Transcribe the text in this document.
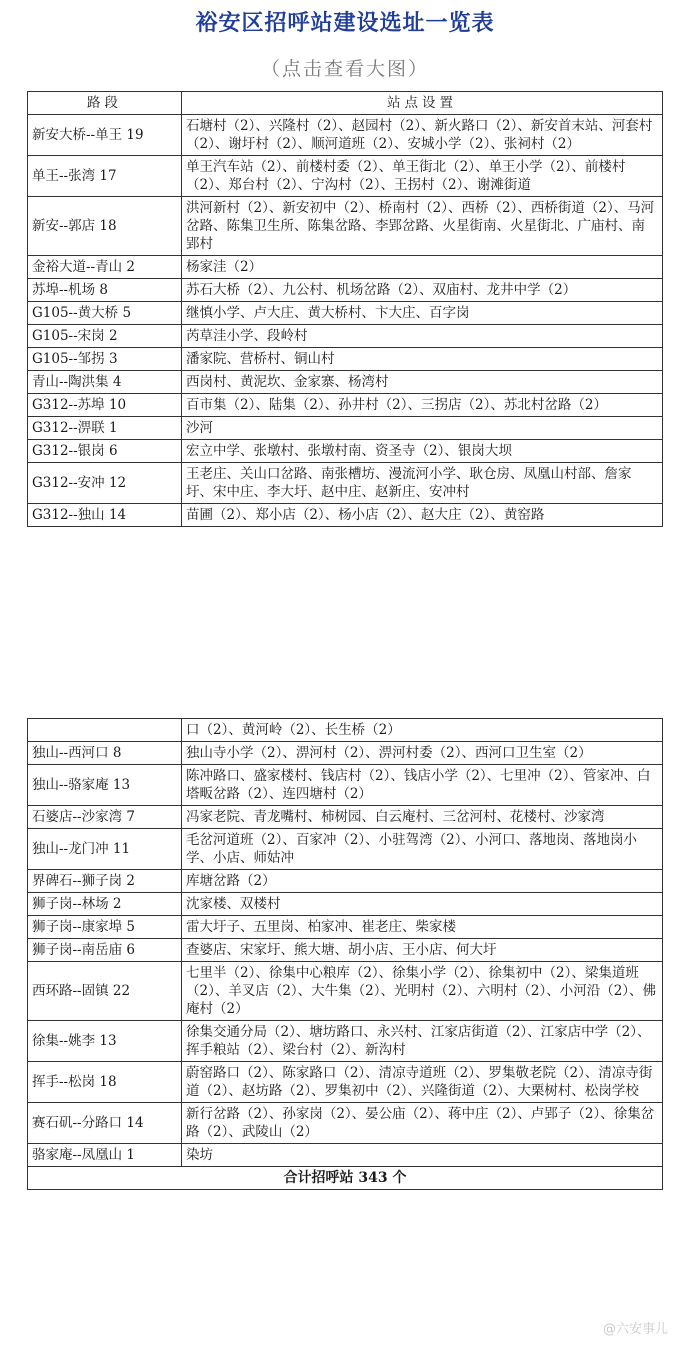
裕安区招呼站建设选址一览表
（点击查看大图）
路段	站点设置
新安大桥--单王 19	石塘村（2）、兴隆村（2）、赵园村（2）、新火路口（2）、新安首末站、河套村（2）、谢圩村（2）、顺河道班（2）、安城小学（2）、张祠村（2）
单王--张湾 17	单王汽车站（2）、前楼村委（2）、单王街北（2）、单王小学（2）、前楼村（2）、郑台村（2）、宁沟村（2）、王拐村（2）、谢滩街道
新安--郭店 18	洪河新村（2）、新安初中（2）、桥南村（2）、西桥（2）、西桥街道（2）、马河岔路、陈集卫生所、陈集岔路、李郢岔路、火星街南、火星街北、广庙村、南郢村
金裕大道--青山 2	杨家洼（2）
苏埠--机场 8	苏石大桥（2）、九公村、机场岔路（2）、双庙村、龙井中学（2）
G105--黄大桥 5	继慎小学、卢大庄、黄大桥村、卞大庄、百字岗
G105--宋岗 2	芮草洼小学、段岭村
G105--邹拐 3	潘家院、营桥村、铜山村
青山--陶洪集 4	西岗村、黄泥坎、金家寨、杨湾村
G312--苏埠 10	百市集（2）、陆集（2）、孙井村（2）、三拐店（2）、苏北村岔路（2）
G312--淠联 1	沙河
G312--银岗 6	宏立中学、张墩村、张墩村南、资圣寺（2）、银岗大坝
G312--安冲 12	王老庄、关山口岔路、南张槽坊、漫流河小学、耿仓房、凤凰山村部、詹家圩、宋中庄、李大圩、赵中庄、赵新庄、安冲村
G312--独山 14	苗圃（2）、郑小店（2）、杨小店（2）、赵大庄（2）、黄窑路
	口（2）、黄河岭（2）、长生桥（2）
独山--西河口 8	独山寺小学（2）、淠河村（2）、淠河村委（2）、西河口卫生室（2）
独山--骆家庵 13	陈冲路口、盛家楼村、钱店村（2）、钱店小学（2）、七里冲（2）、管家冲、白塔畈岔路（2）、连四塘村（2）
石婆店--沙家湾 7	冯家老院、青龙嘴村、柿树园、白云庵村、三岔河村、花楼村、沙家湾
独山--龙门冲 11	毛岔河道班（2）、百家冲（2）、小驻驾湾（2）、小河口、落地岗、落地岗小学、小店、师姑冲
界碑石--狮子岗 2	库塘岔路（2）
狮子岗--林场 2	沈家楼、双楼村
狮子岗--康家埠 5	雷大圩子、五里岗、柏家冲、崔老庄、柴家楼
狮子岗--南岳庙 6	查婆店、宋家圩、熊大塘、胡小店、王小店、何大圩
西环路--固镇 22	七里半（2）、徐集中心粮库（2）、徐集小学（2）、徐集初中（2）、梁集道班（2）、羊叉店（2）、大牛集（2）、光明村（2）、六明村（2）、小河沿（2）、佛庵村（2）
徐集--姚李 13	徐集交通分局（2）、塘坊路口、永兴村、江家店街道（2）、江家店中学（2）、挥手粮站（2）、梁台村（2）、新沟村
挥手--松岗 18	蔚窑路口（2）、陈家路口（2）、清凉寺道班（2）、罗集敬老院（2）、清凉寺街道（2）、赵坊路（2）、罗集初中（2）、兴隆街道（2）、大栗树村、松岗学校
赛石矶--分路口 14	新行岔路（2）、孙家岗（2）、晏公庙（2）、蒋中庄（2）、卢郢子（2）、徐集岔路（2）、武陵山（2）
骆家庵--凤凰山 1	染坊
合计招呼站 343 个	
@六安事儿
